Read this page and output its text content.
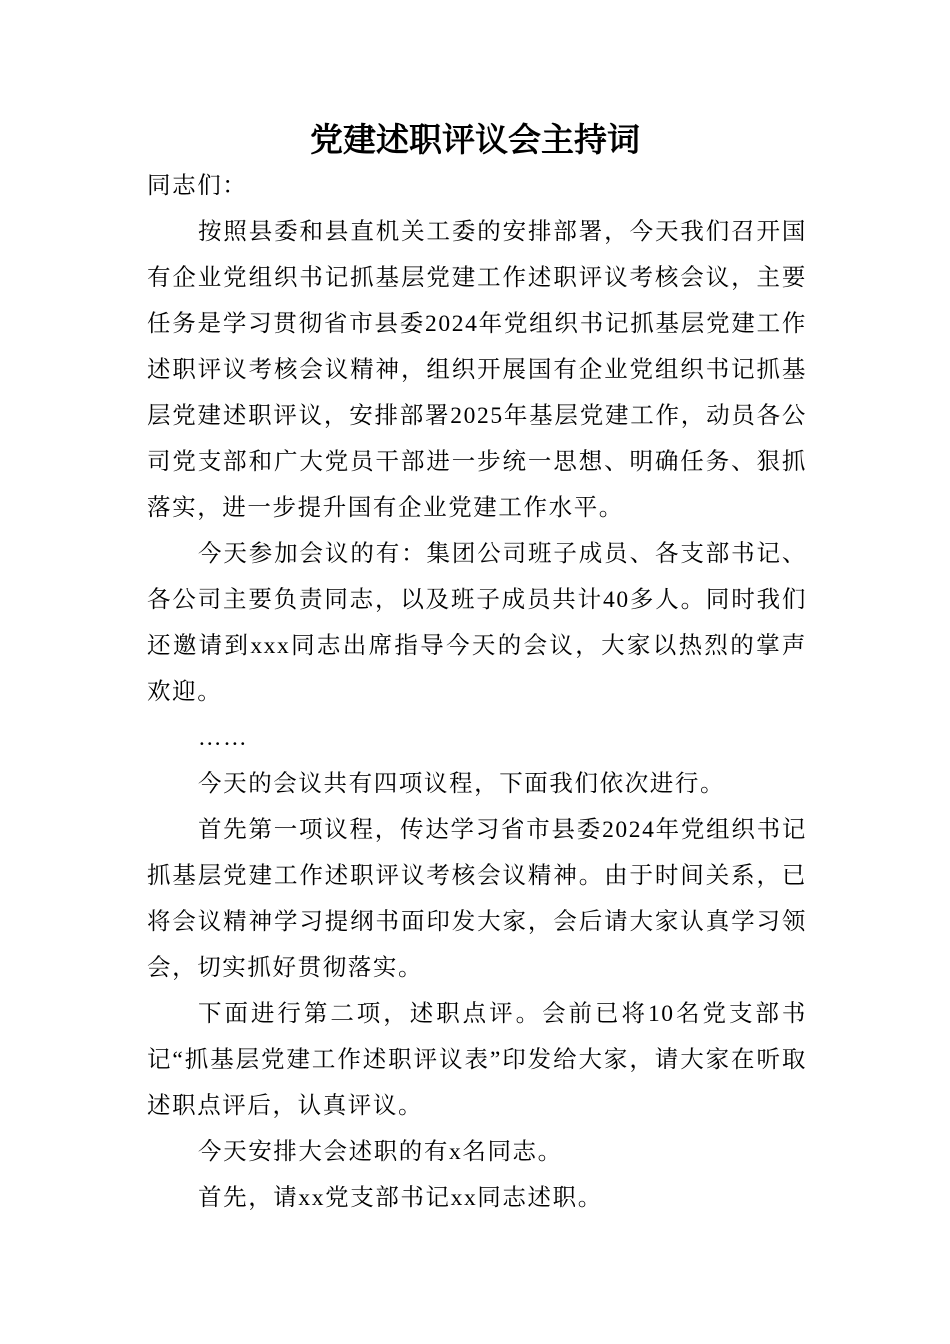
党建述职评议会主持词

同志们：

按照县委和县直机关工委的安排部署，今天我们召开国有企业党组织书记抓基层党建工作述职评议考核会议，主要任务是学习贯彻省市县委2024年党组织书记抓基层党建工作述职评议考核会议精神，组织开展国有企业党组织书记抓基层党建述职评议，安排部署2025年基层党建工作，动员各公司党支部和广大党员干部进一步统一思想、明确任务、狠抓落实，进一步提升国有企业党建工作水平。

今天参加会议的有：集团公司班子成员、各支部书记、各公司主要负责同志，以及班子成员共计40多人。同时我们还邀请到xxx同志出席指导今天的会议，大家以热烈的掌声欢迎。

……

今天的会议共有四项议程，下面我们依次进行。

首先第一项议程，传达学习省市县委2024年党组织书记抓基层党建工作述职评议考核会议精神。由于时间关系，已将会议精神学习提纲书面印发大家，会后请大家认真学习领会，切实抓好贯彻落实。

下面进行第二项，述职点评。会前已将10名党支部书记“抓基层党建工作述职评议表”印发给大家，请大家在听取述职点评后，认真评议。

今天安排大会述职的有x名同志。

首先，请xx党支部书记xx同志述职。
